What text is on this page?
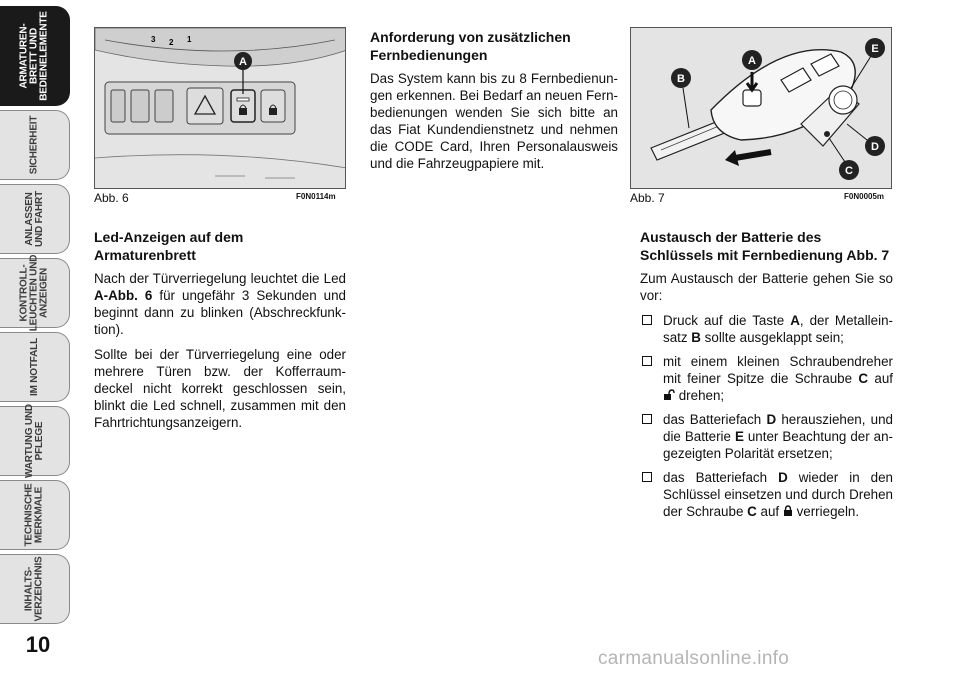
ARMATUREN-
BRETT UND
BEDIENELEMENTE
SICHERHEIT
ANLASSEN
UND FAHRT
KONTROLL-
LEUCHTEN UND
ANZEIGEN
IM NOTFALL
WARTUNG UND
PFLEGE
TECHNISCHE
MERKMALE
INHALTS-
VERZEICHNIS
10
3 2 1
A
Abb. 6	F0N0114m
B
A
E
D
C
Abb. 7	F0N0005m
Led-Anzeigen auf dem Armaturenbrett

Nach der Türverriegelung leuchtet die Led A-Abb. 6 für ungefähr 3 Sekunden und beginnt dann zu blinken (Abschreckfunk-tion).

Sollte bei der Türverriegelung eine oder mehrere Türen bzw. der Kofferraum-deckel nicht korrekt geschlossen sein, blinkt die Led schnell, zusammen mit den Fahrtrichtungsanzeigern.

Anforderung von zusätzlichen Fernbedienungen

Das System kann bis zu 8 Fernbedienun-gen erkennen. Bei Bedarf an neuen Fern-bedienungen wenden Sie sich bitte an das Fiat Kundendienstnetz und nehmen die CODE Card, Ihren Personalausweis und die Fahrzeugpapiere mit.

Austausch der Batterie des Schlüssels mit Fernbedienung Abb. 7

Zum Austausch der Batterie gehen Sie so vor:

Druck auf die Taste A, der Metallein-satz B sollte ausgeklappt sein;
mit einem kleinen Schraubendreher mit feiner Spitze die Schraube C auf  drehen;
das Batteriefach D herausziehen, und die Batterie E unter Beachtung der an-gezeigten Polarität ersetzen;
das Batteriefach D wieder in den Schlüssel einsetzen und durch Drehen der Schraube C auf  verriegeln.
carmanualsonline.info
